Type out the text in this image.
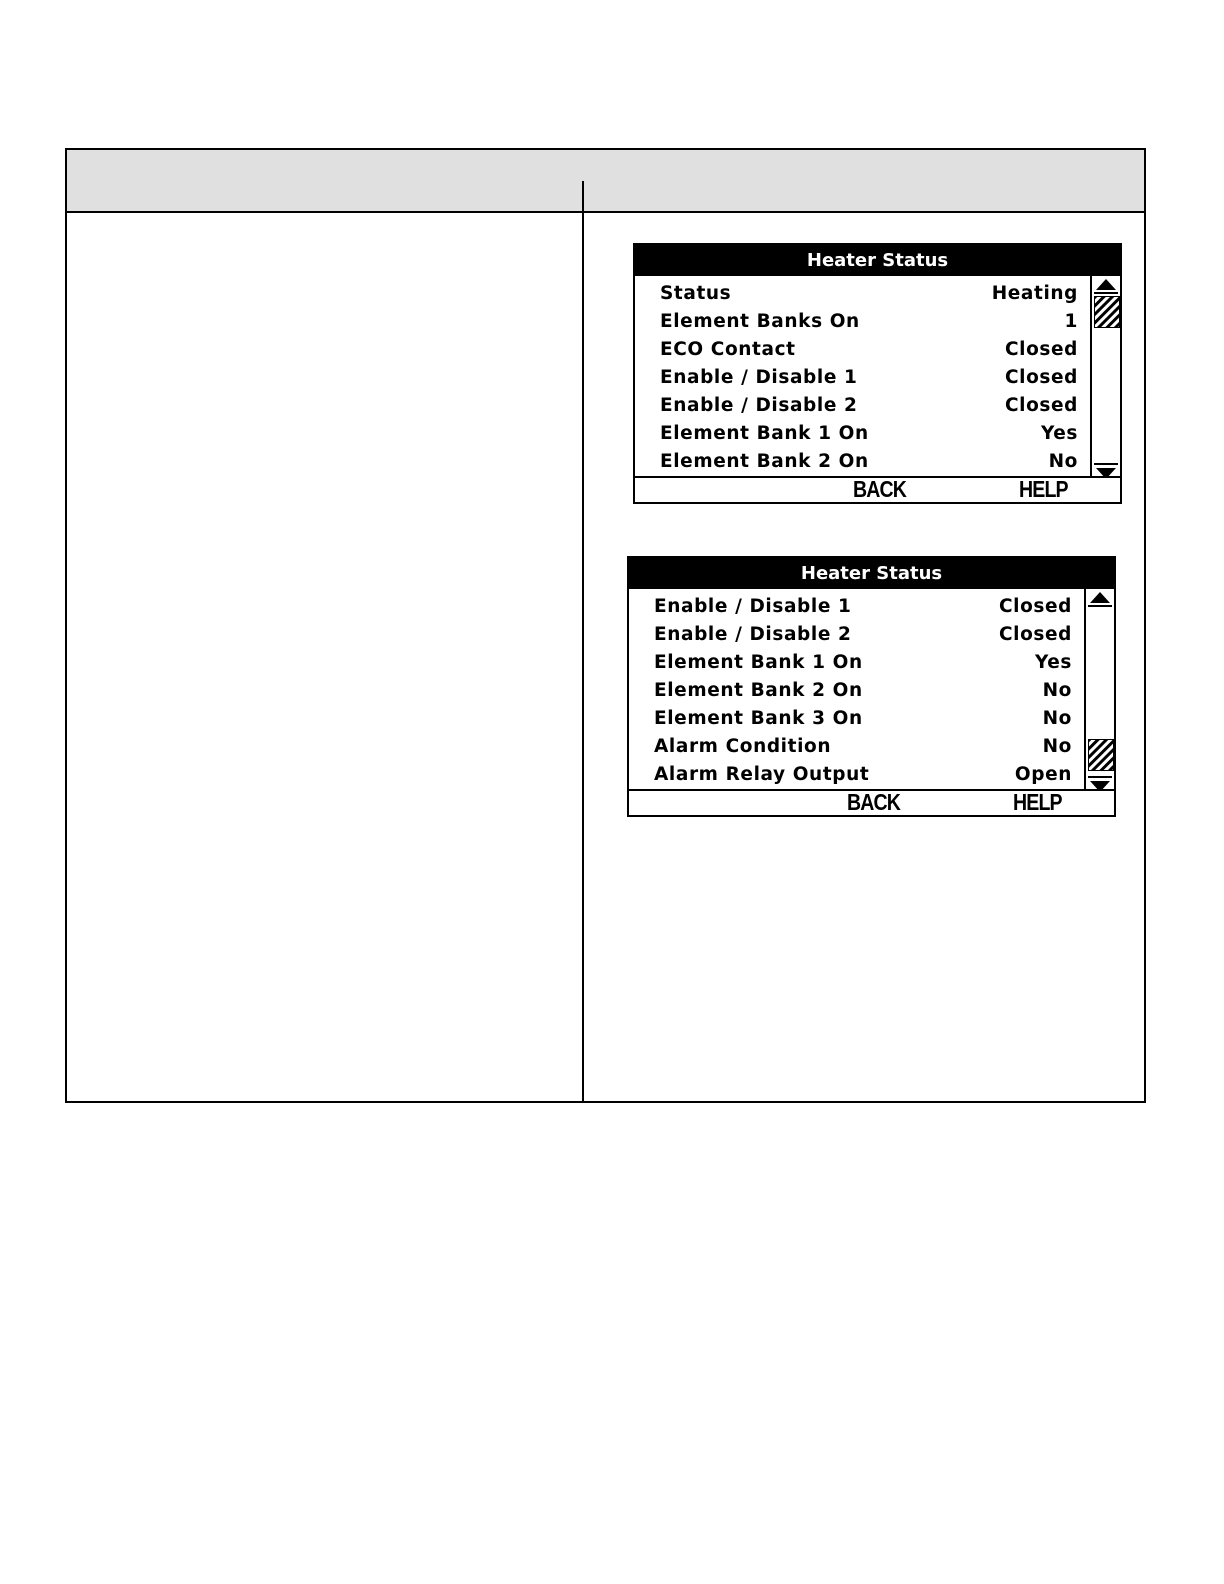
Heater Status
Status	Heating
Element Banks On	1
ECO Contact	Closed
Enable / Disable 1	Closed
Enable / Disable 2	Closed
Element Bank 1 On	Yes
Element Bank 2 On	No
BACK	HELP
Heater Status
Enable / Disable 1	Closed
Enable / Disable 2	Closed
Element Bank 1 On	Yes
Element Bank 2 On	No
Element Bank 3 On	No
Alarm Condition	No
Alarm Relay Output	Open
BACK	HELP
